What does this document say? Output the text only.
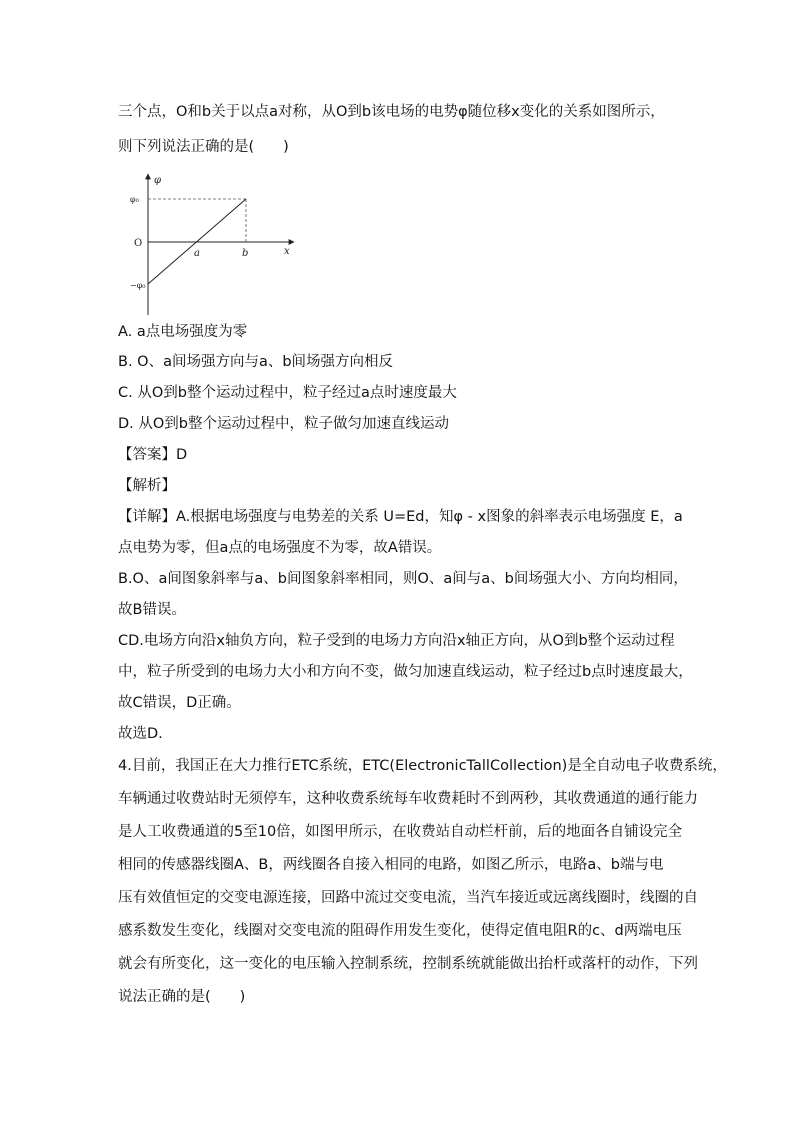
三个点，O和b关于以点a对称，从O到b该电场的电势φ随位移x变化的关系如图所示，
则下列说法正确的是(　　)
φ
φ₀
O
−φ₀
a	b	x
A. a点电场强度为零
B. O、a间场强方向与a、b间场强方向相反
C. 从O到b整个运动过程中，粒子经过a点时速度最大
D. 从O到b整个运动过程中，粒子做匀加速直线运动
【答案】D
【解析】
【详解】A.根据电场强度与电势差的关系 U=Ed，知φ - x图象的斜率表示电场强度 E，a
点电势为零，但a点的电场强度不为零，故A错误。
B.O、a间图象斜率与a、b间图象斜率相同，则O、a间与a、b间场强大小、方向均相同，
故B错误。
CD.电场方向沿x轴负方向，粒子受到的电场力方向沿x轴正方向，从O到b整个运动过程
中，粒子所受到的电场力大小和方向不变，做匀加速直线运动，粒子经过b点时速度最大，
故C错误，D正确。
故选D.
4.目前，我国正在大力推行ETC系统，ETC(ElectronicTallCollection)是全自动电子收费系统，
车辆通过收费站时无须停车，这种收费系统每车收费耗时不到两秒，其收费通道的通行能力
是人工收费通道的5至10倍，如图甲所示，在收费站自动栏杆前，后的地面各自铺设完全
相同的传感器线圈A、B，两线圈各自接入相同的电路，如图乙所示，电路a、b端与电
压有效值恒定的交变电源连接，回路中流过交变电流，当汽车接近或远离线圈时，线圈的自
感系数发生变化，线圈对交变电流的阻碍作用发生变化，使得定值电阻R的c、d两端电压
就会有所变化，这一变化的电压输入控制系统，控制系统就能做出抬杆或落杆的动作，下列
说法正确的是(　　)
